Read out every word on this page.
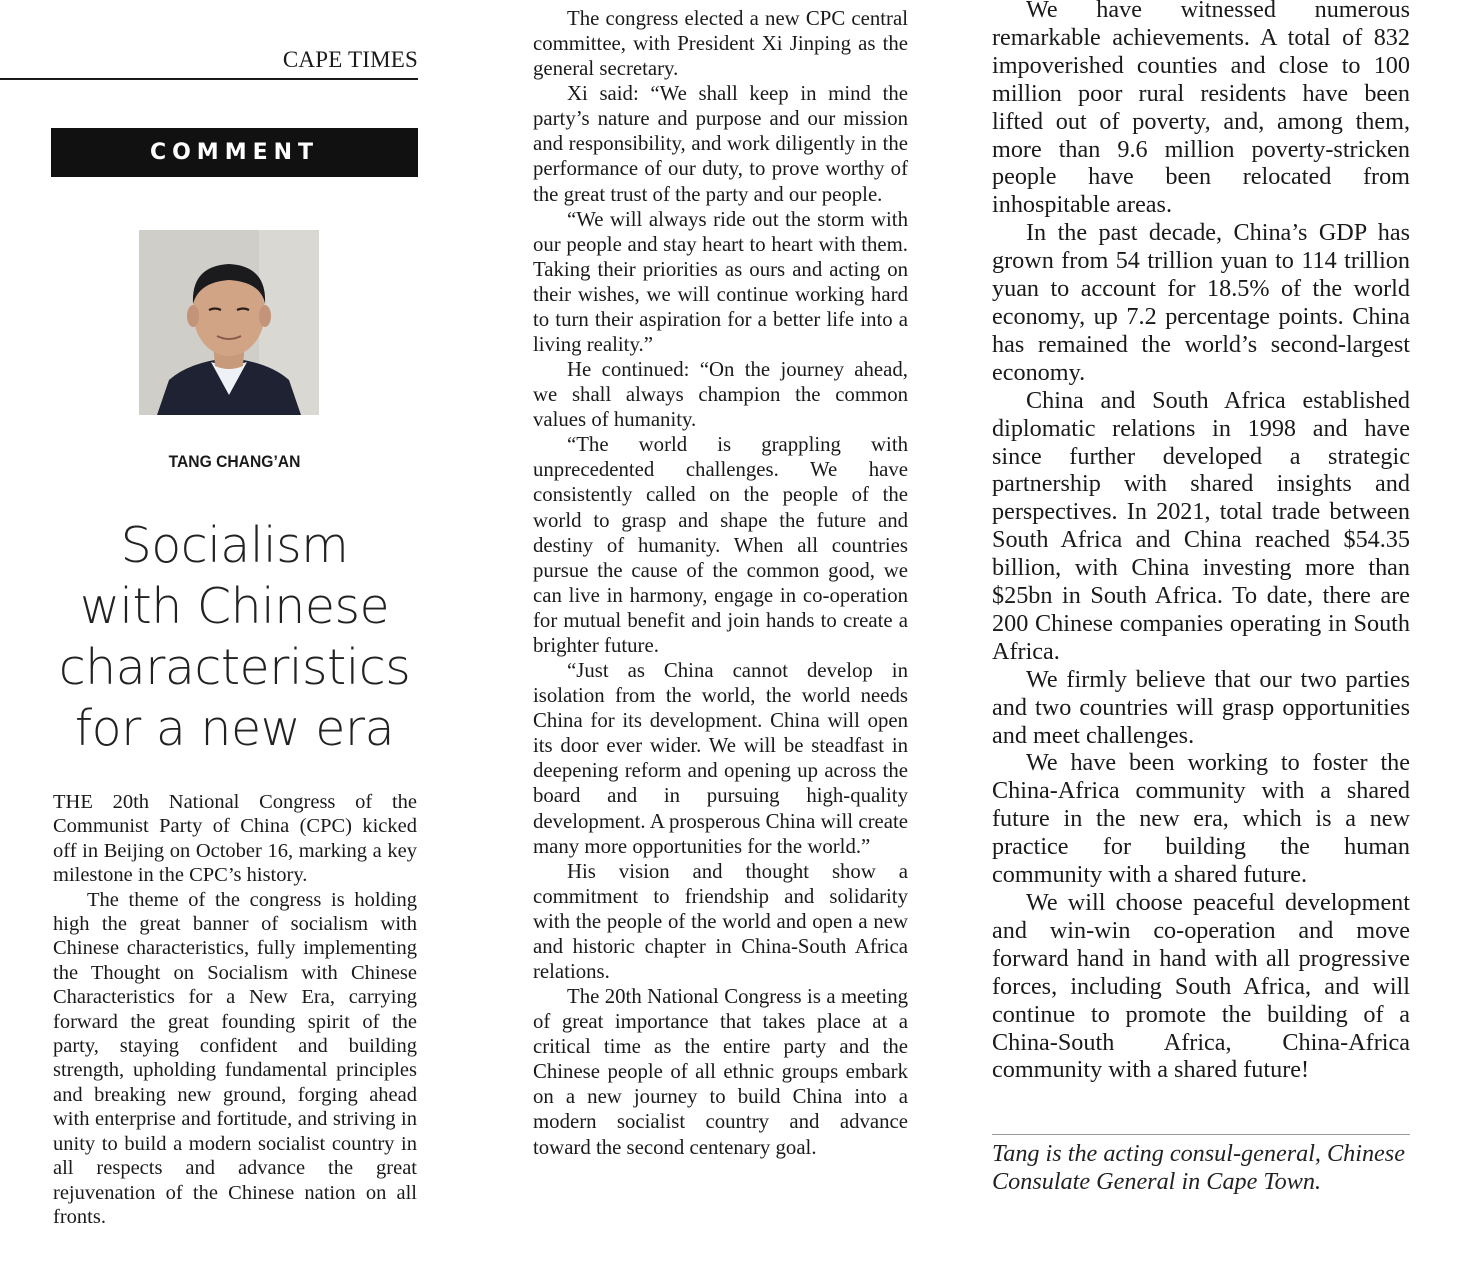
CAPE TIMES
COMMENT
TANG CHANG’AN
Socialism
with Chinese
characteristics
for a new era

THE 20th National Congress of the Communist Party of China (CPC) kicked off in Beijing on October 16, marking a key milestone in the CPC’s history.

The theme of the congress is holding high the great banner of socialism with Chinese characteristics, fully implementing the Thought on Socialism with Chinese Characteristics for a New Era, carrying forward the great founding spirit of the party, staying confident and building strength, upholding fundamental principles and breaking new ground, forging ahead with enterprise and fortitude, and striving in unity to build a modern socialist country in all respects and advance the great rejuvenation of the Chinese nation on all fronts.

The congress elected a new CPC central committee, with President Xi Jinping as the general secretary.

Xi said: “We shall keep in mind the party’s nature and purpose and our mission and responsibility, and work diligently in the performance of our duty, to prove worthy of the great trust of the party and our people.

“We will always ride out the storm with our people and stay heart to heart with them. Taking their priorities as ours and acting on their wishes, we will continue working hard to turn their aspiration for a better life into a living reality.”

He continued: “On the journey ahead, we shall always champion the common values of humanity.

“The world is grappling with unprecedented challenges. We have consistently called on the people of the world to grasp and shape the future and destiny of humanity. When all countries pursue the cause of the common good, we can live in harmony, engage in co-operation for mutual benefit and join hands to create a brighter future.

“Just as China cannot develop in isolation from the world, the world needs China for its development. China will open its door ever wider. We will be steadfast in deepening reform and opening up across the board and in pursuing high-quality development. A prosperous China will create many more opportunities for the world.”

His vision and thought show a commitment to friendship and solidarity with the people of the world and open a new and historic chapter in China-South Africa relations.

The 20th National Congress is a meeting of great importance that takes place at a critical time as the entire party and the Chinese people of all ethnic groups embark on a new journey to build China into a modern socialist country and advance toward the second centenary goal.

We have witnessed numerous remarkable achievements. A total of 832 impoverished counties and close to 100 million poor rural residents have been lifted out of poverty, and, among them, more than 9.6 million poverty-stricken people have been relocated from inhospitable areas.

In the past decade, China’s GDP has grown from 54 trillion yuan to 114 trillion yuan to account for 18.5% of the world economy, up 7.2 percentage points. China has remained the world’s second-largest economy.

China and South Africa established diplomatic relations in 1998 and have since further developed a strategic partnership with shared insights and perspectives. In 2021, total trade between South Africa and China reached $54.35 billion, with China investing more than $25bn in South Africa. To date, there are 200 Chinese companies operating in South Africa.

We firmly believe that our two parties and two countries will grasp opportunities and meet challenges.

We have been working to foster the China-Africa community with a shared future in the new era, which is a new practice for building the human community with a shared future.

We will choose peaceful development and win-win co-operation and move forward hand in hand with all progressive forces, including South Africa, and will continue to promote the building of a China-South Africa, China-Africa community with a shared future!

Tang is the acting consul-general, Chinese Consulate General in Cape Town.
